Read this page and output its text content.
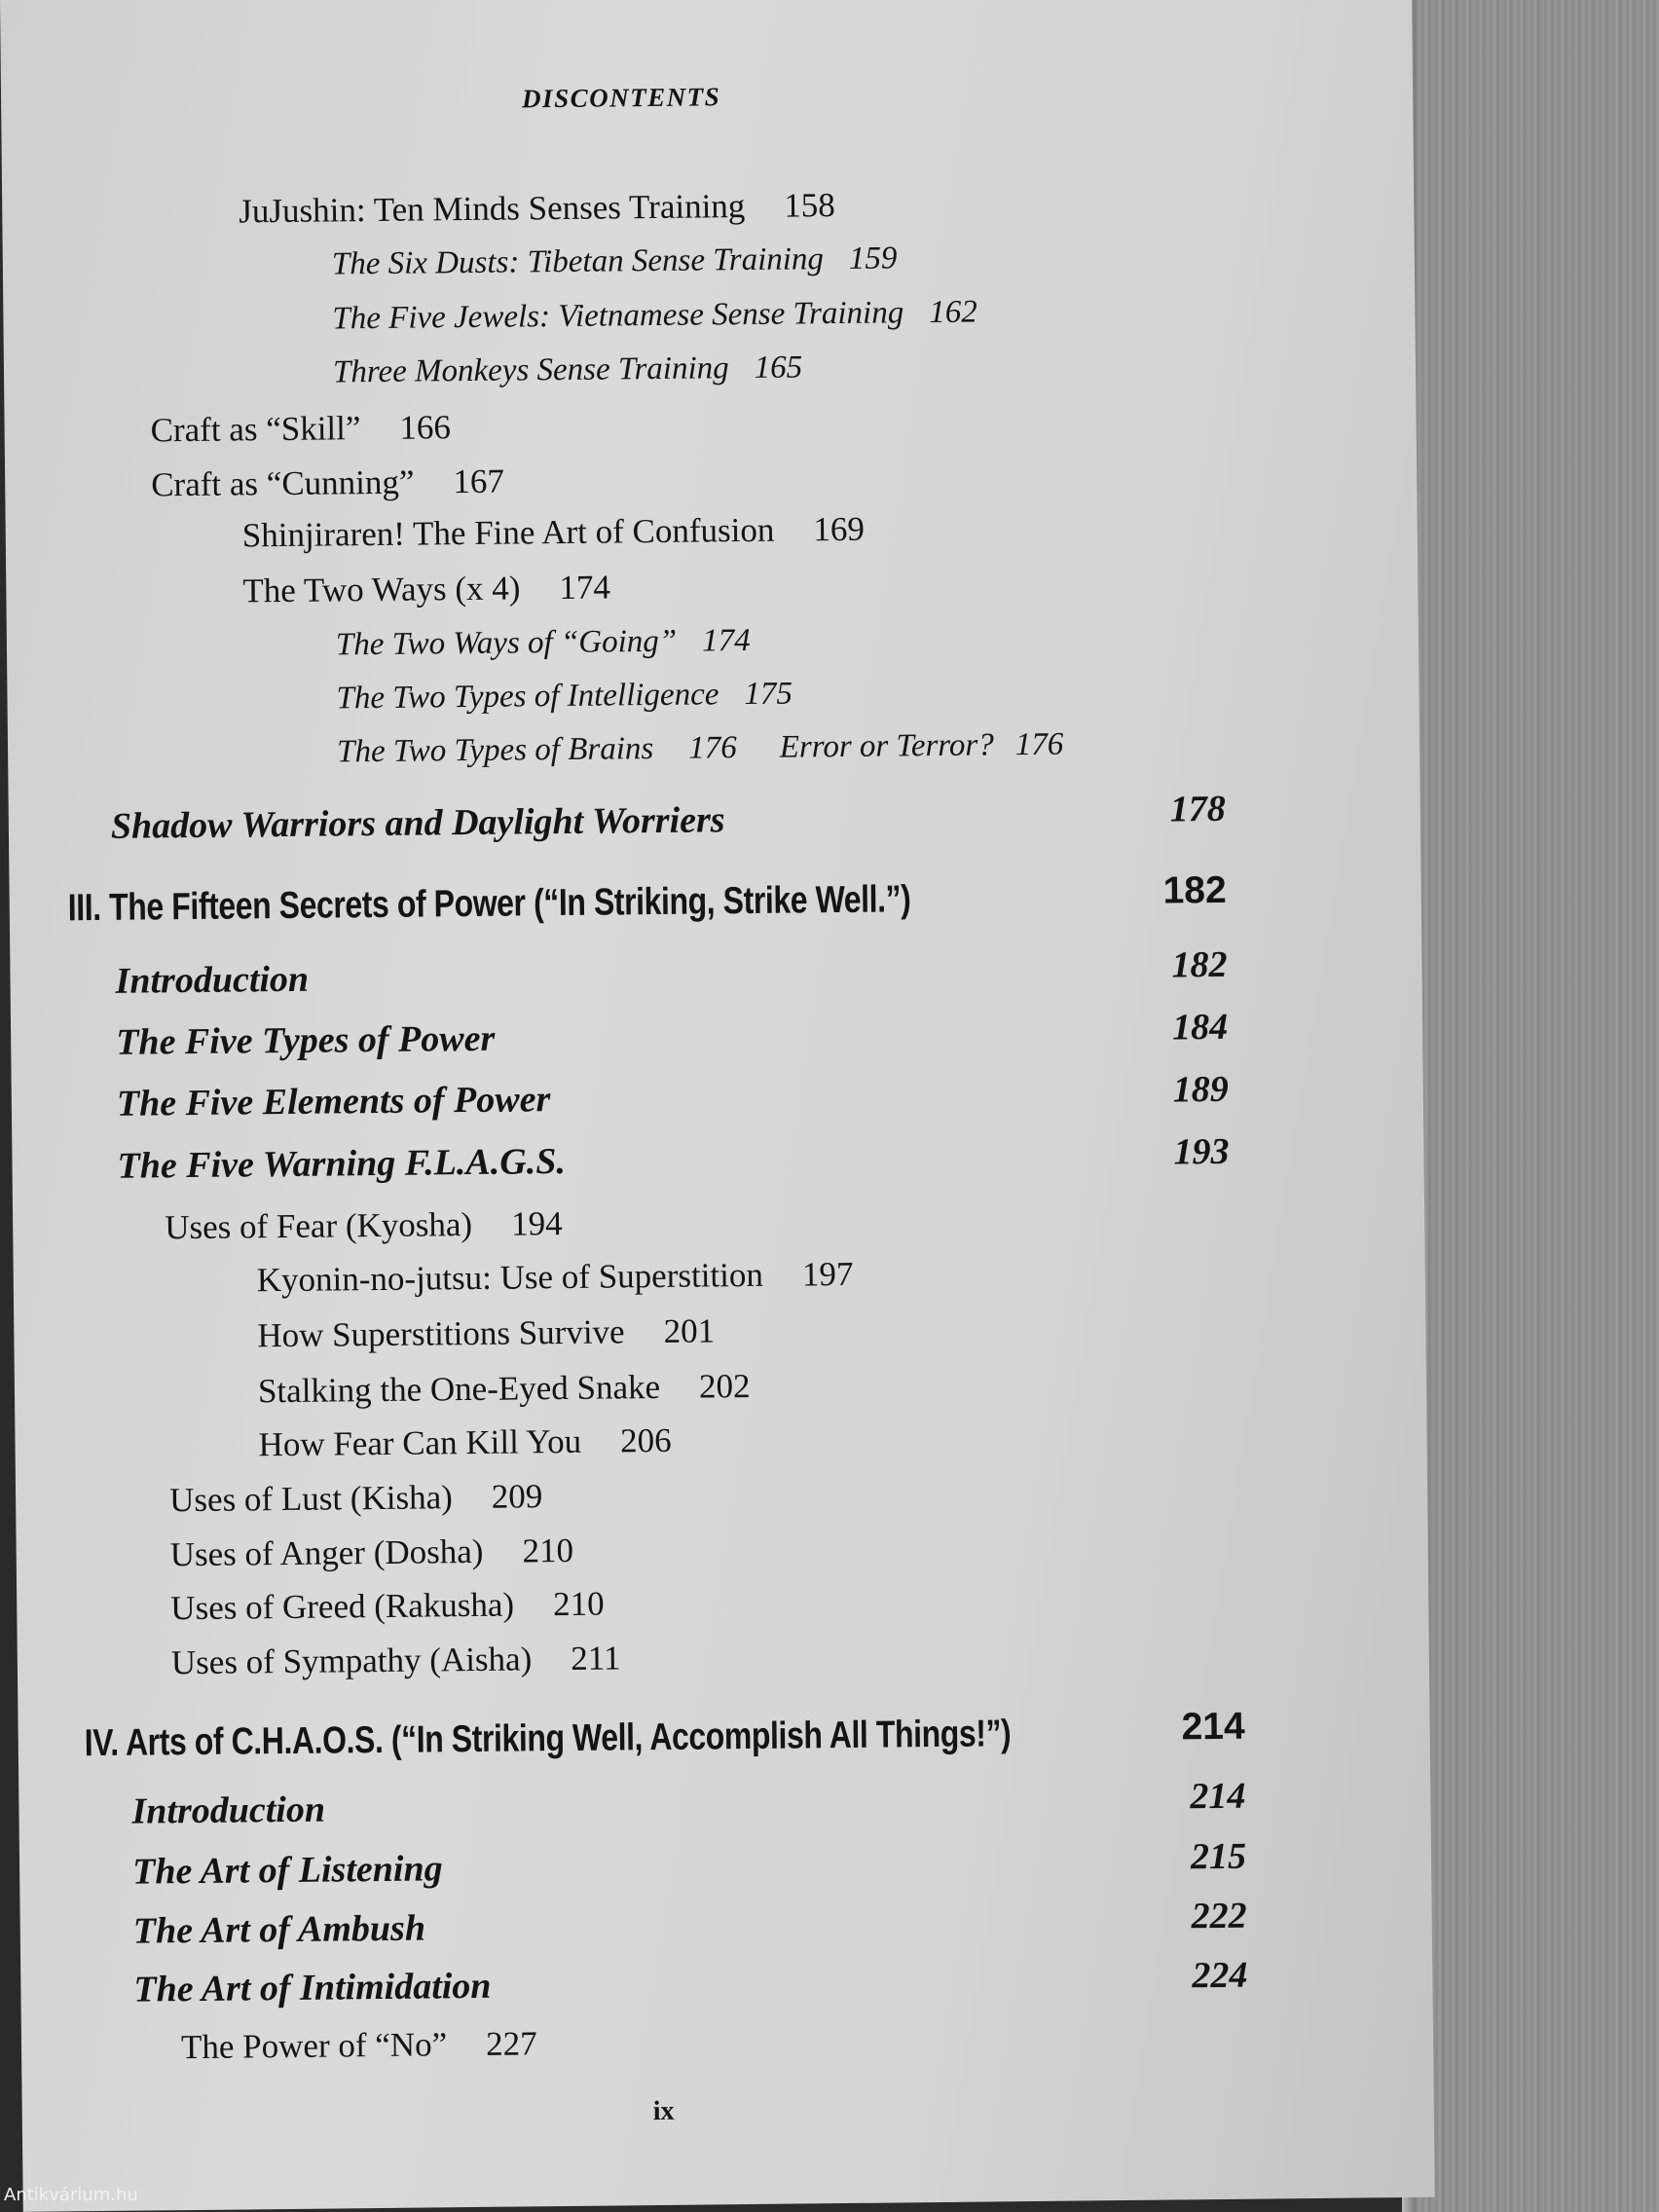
DISCONTENTS
JuJushin: Ten Minds Senses Training 158
The Six Dusts: Tibetan Sense Training 159
The Five Jewels: Vietnamese Sense Training 162
Three Monkeys Sense Training 165
Craft as “Skill” 166
Craft as “Cunning” 167
Shinjiraren! The Fine Art of Confusion 169
The Two Ways (x 4) 174
The Two Ways of “Going” 174
The Two Types of Intelligence 175
The Two Types of Brains 176 Error or Terror? 176
Shadow Warriors and Daylight Worriers	178
III. The Fifteen Secrets of Power (“In Striking, Strike Well.”)	182
Introduction	182
The Five Types of Power	184
The Five Elements of Power	189
The Five Warning F.L.A.G.S.	193
Uses of Fear (Kyosha) 194
Kyonin-no-jutsu: Use of Superstition 197
How Superstitions Survive 201
Stalking the One-Eyed Snake 202
How Fear Can Kill You 206
Uses of Lust (Kisha) 209
Uses of Anger (Dosha) 210
Uses of Greed (Rakusha) 210
Uses of Sympathy (Aisha) 211
IV. Arts of C.H.A.O.S. (“In Striking Well, Accomplish All Things!”)	214
Introduction	214
The Art of Listening	215
The Art of Ambush	222
The Art of Intimidation	224
The Power of “No” 227
ix
Antikvárium.hu
